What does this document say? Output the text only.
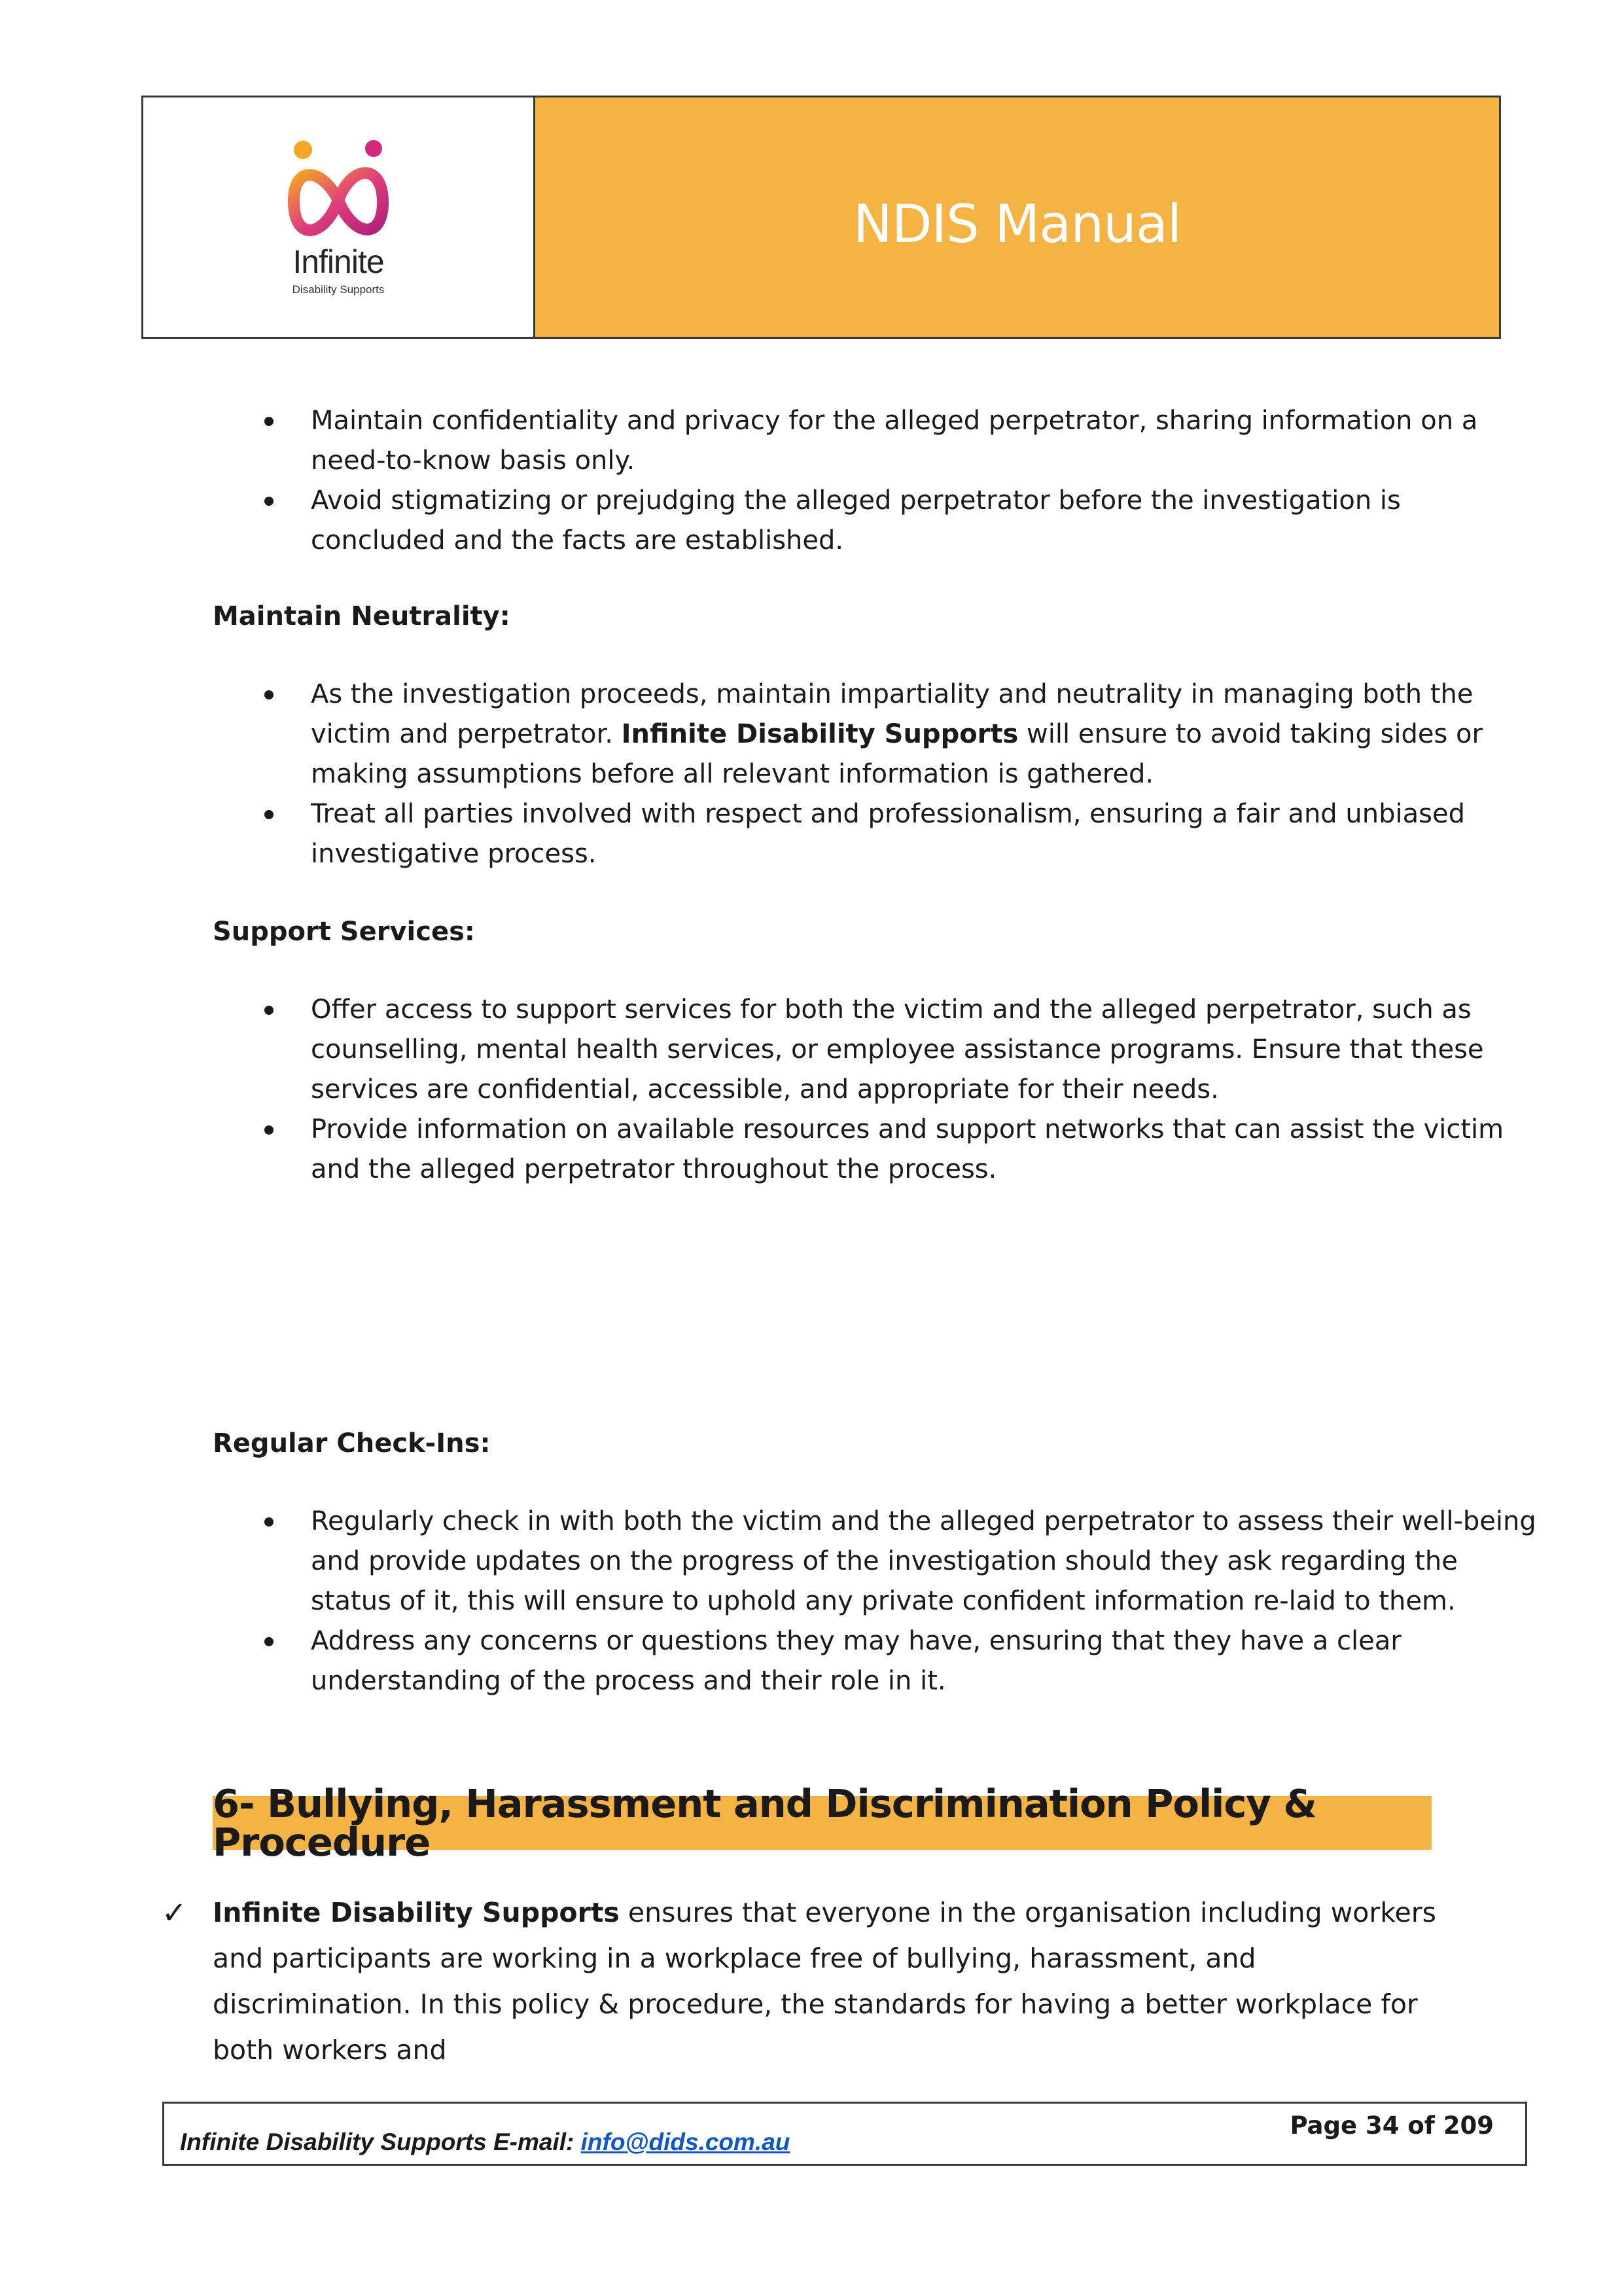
Infinite
Disability Supports
NDIS Manual
Maintain confidentiality and privacy for the alleged perpetrator, sharing information on a need-to-know basis only.
Avoid stigmatizing or prejudging the alleged perpetrator before the investigation is concluded and the facts are established.
Maintain Neutrality:
As the investigation proceeds, maintain impartiality and neutrality in managing both the victim and perpetrator. Infinite Disability Supports will ensure to avoid taking sides or making assumptions before all relevant information is gathered.
Treat all parties involved with respect and professionalism, ensuring a fair and unbiased investigative process.
Support Services:
Offer access to support services for both the victim and the alleged perpetrator, such as counselling, mental health services, or employee assistance programs. Ensure that these services are confidential, accessible, and appropriate for their needs.
Provide information on available resources and support networks that can assist the victim and the alleged perpetrator throughout the process.
Regular Check-Ins:
Regularly check in with both the victim and the alleged perpetrator to assess their well-being and provide updates on the progress of the investigation should they ask regarding the status of it, this will ensure to uphold any private confident information re-laid to them.
Address any concerns or questions they may have, ensuring that they have a clear understanding of the process and their role in it.
6- Bullying, Harassment and Discrimination Policy & Procedure

✓ Infinite Disability Supports ensures that everyone in the organisation including workers and participants are working in a workplace free of bullying, harassment, and discrimination. In this policy & procedure, the standards for having a better workplace for both workers and

Infinite Disability Supports E-mail: info@dids.com.au
Page 34 of 209
